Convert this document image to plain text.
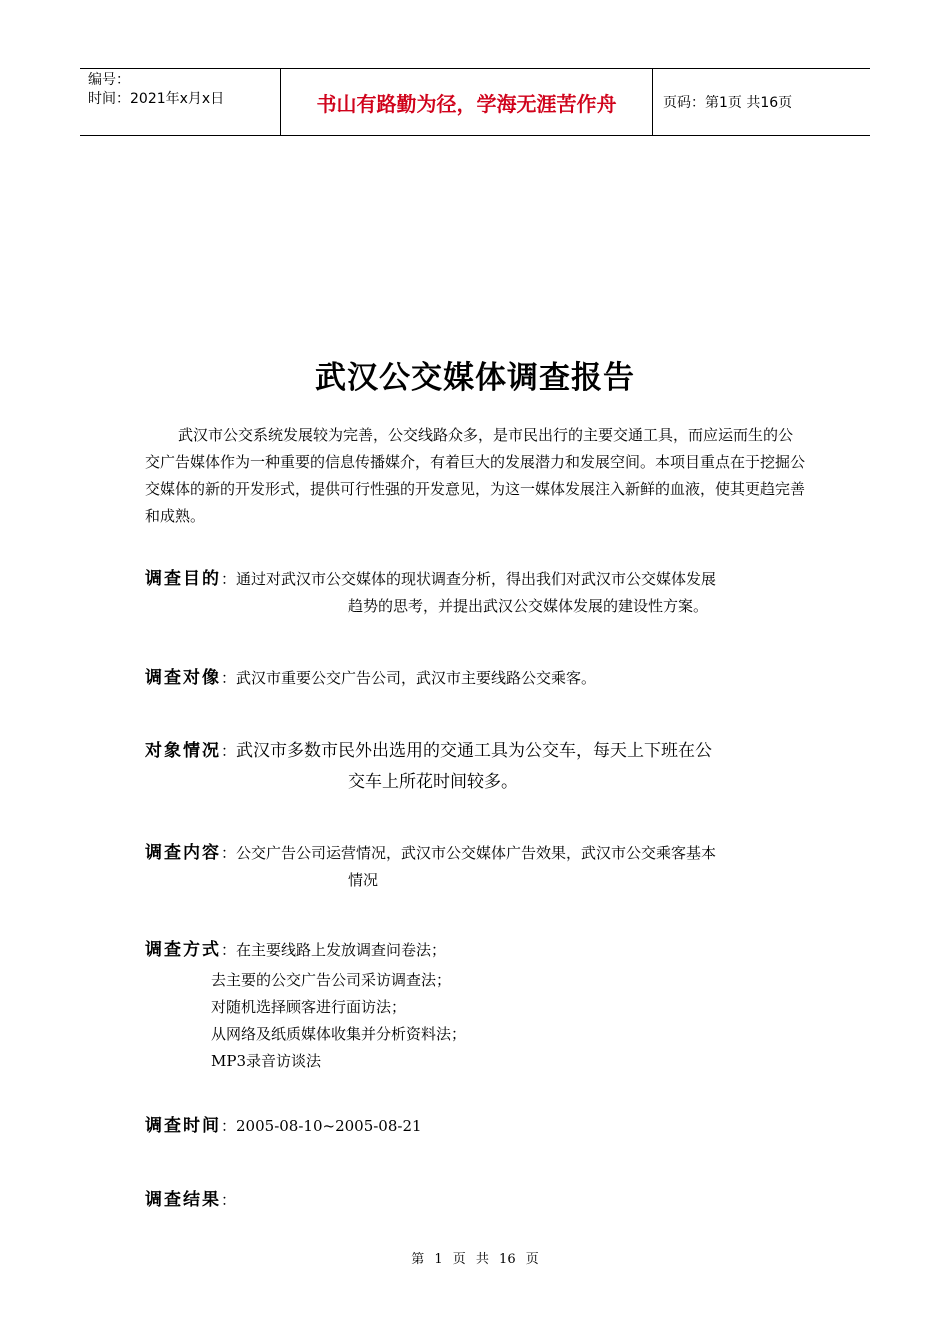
编号：
时间：2021年x月x日	书山有路勤为径，学海无涯苦作舟	页码：第1页 共16页
武汉公交媒体调查报告

武汉市公交系统发展较为完善，公交线路众多，是市民出行的主要交通工具，而应运而生的公交广告媒体作为一种重要的信息传播媒介，有着巨大的发展潜力和发展空间。本项目重点在于挖掘公交媒体的新的开发形式，提供可行性强的开发意见，为这一媒体发展注入新鲜的血液，使其更趋完善和成熟。

调查目的：通过对武汉市公交媒体的现状调查分析，得出我们对武汉市公交媒体发展
趋势的思考，并提出武汉公交媒体发展的建设性方案。
调查对像：武汉市重要公交广告公司，武汉市主要线路公交乘客。
对象情况：武汉市多数市民外出选用的交通工具为公交车，每天上下班在公
交车上所花时间较多。
调查内容：公交广告公司运营情况，武汉市公交媒体广告效果，武汉市公交乘客基本
情况
调查方式：在主要线路上发放调查问卷法；
去主要的公交广告公司采访调查法；
对随机选择顾客进行面访法；
从网络及纸质媒体收集并分析资料法；
MP3录音访谈法
调查时间：2005-08-10~2005-08-21
调查结果：
第 1 页 共 16 页
